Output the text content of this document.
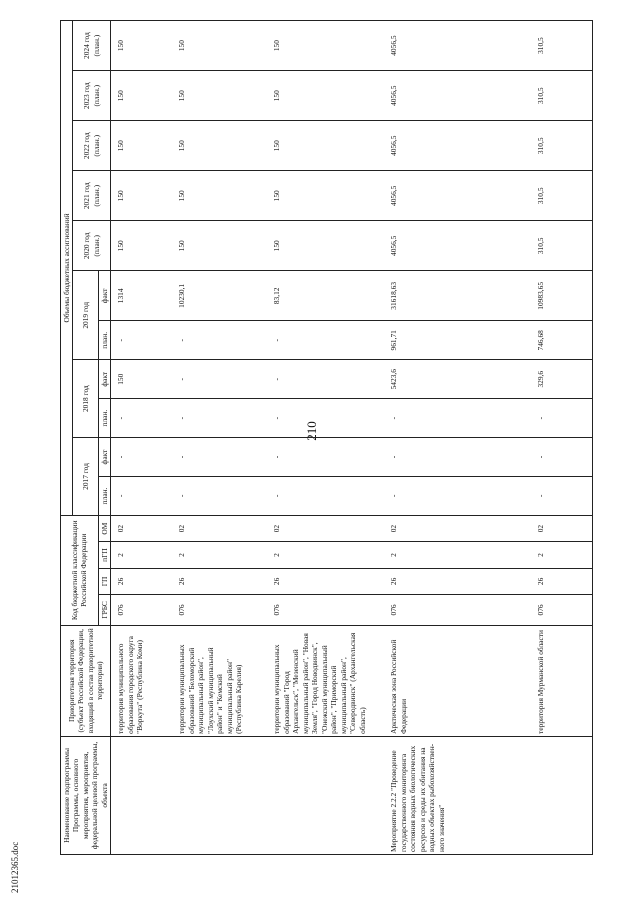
210
21012365.doc
Наименование подпрограммы Программы, основного мероприятия, мероприятия, федеральной целевой программы, объекта	Приоритетная территория (субъект Российской Федерации, входящий в состав приоритетной территории)	Код бюджетной классификации Российской Федерации				Объемы бюджетных ассигнований										
						2017 год		2018 год		2019 год		2020 год (план.)	2021 год (план.)	2022 год (план.)	2023 год (план.)	2024 год (план.)
		ГРБС	ГП	пГП	ОМ	план.	факт	план.	факт	план.	факт					
	территория муниципального образования городского округа "Воркута" (Республика Коми)	076	26	2	02	-	-	-	150	-	1314	150	150	150	150	150
	территории муниципальных образований "Беломорский муниципальный район", "Лоухский муниципальный район" и "Кемский муниципальный район" (Республика Карелия)	076	26	2	02	-	-	-	-	-	10230,1	150	150	150	150	150
	территории муниципальных образований "Город Архангельск", "Мезенский муниципальный район", "Новая Земля", "Город Новодвинск", "Онежский муниципальный район", "Приморский муниципальный район", "Северодвинск" (Архангельская область)	076	26	2	02	-	-	-	-	-	83,12	150	150	150	150	150
Мероприятие 2.2.2 "Проведение государственного мониторинга состояния водных биологических ресурсов и среды их обитания на водных объектах рыбохозяйствен- ного значения"	Арктическая зона Российской Федерации	076	26	2	02	-	-	-	5423,6	961,71	31618,63	4056,5	4056,5	4056,5	4056,5	4056,5
	территория Мурманской области	076	26	2	02	-	-	-	329,6	746,68	10983,65	310,5	310,5	310,5	310,5	310,5
